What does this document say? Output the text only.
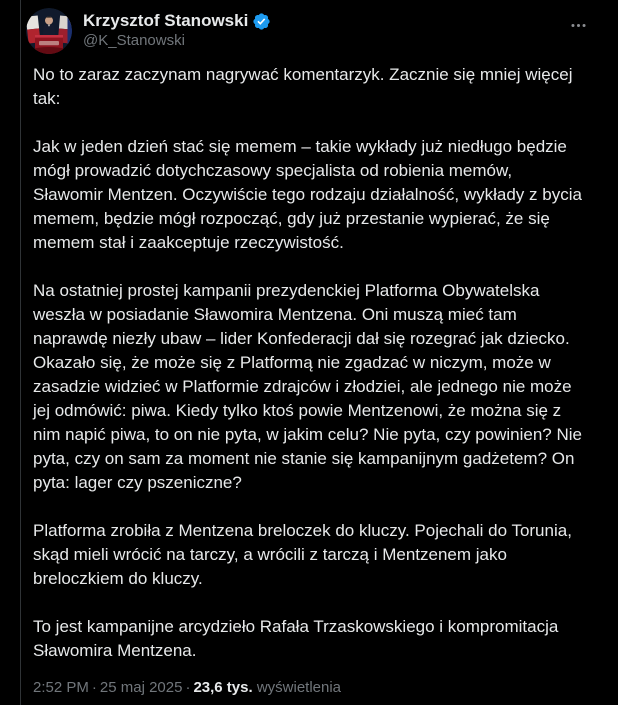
Krzysztof Stanowski
@K_Stanowski

No to zaraz zaczynam nagrywać komentarzyk. Zacznie się mniej więcej tak:

Jak w jeden dzień stać się memem – takie wykłady już niedługo będzie mógł prowadzić dotychczasowy specjalista od robienia memów, Sławomir Mentzen. Oczywiście tego rodzaju działalność, wykłady z bycia memem, będzie mógł rozpocząć, gdy już przestanie wypierać, że się memem stał i zaakceptuje rzeczywistość.

Na ostatniej prostej kampanii prezydenckiej Platforma Obywatelska weszła w posiadanie Sławomira Mentzena. Oni muszą mieć tam naprawdę niezły ubaw – lider Konfederacji dał się rozegrać jak dziecko. Okazało się, że może się z Platformą nie zgadzać w niczym, może w zasadzie widzieć w Platformie zdrajców i złodziei, ale jednego nie może jej odmówić: piwa. Kiedy tylko ktoś powie Mentzenowi, że można się z nim napić piwa, to on nie pyta, w jakim celu? Nie pyta, czy powinien? Nie pyta, czy on sam za moment nie stanie się kampanijnym gadżetem? On pyta: lager czy pszeniczne?

Platforma zrobiła z Mentzena breloczek do kluczy. Pojechali do Torunia, skąd mieli wrócić na tarczy, a wrócili z tarczą i Mentzenem jako breloczkiem do kluczy.

To jest kampanijne arcydzieło Rafała Trzaskowskiego i kompromitacja Sławomira Mentzena.

2:52 PM · 25 maj 2025 · 23,6 tys. wyświetlenia
